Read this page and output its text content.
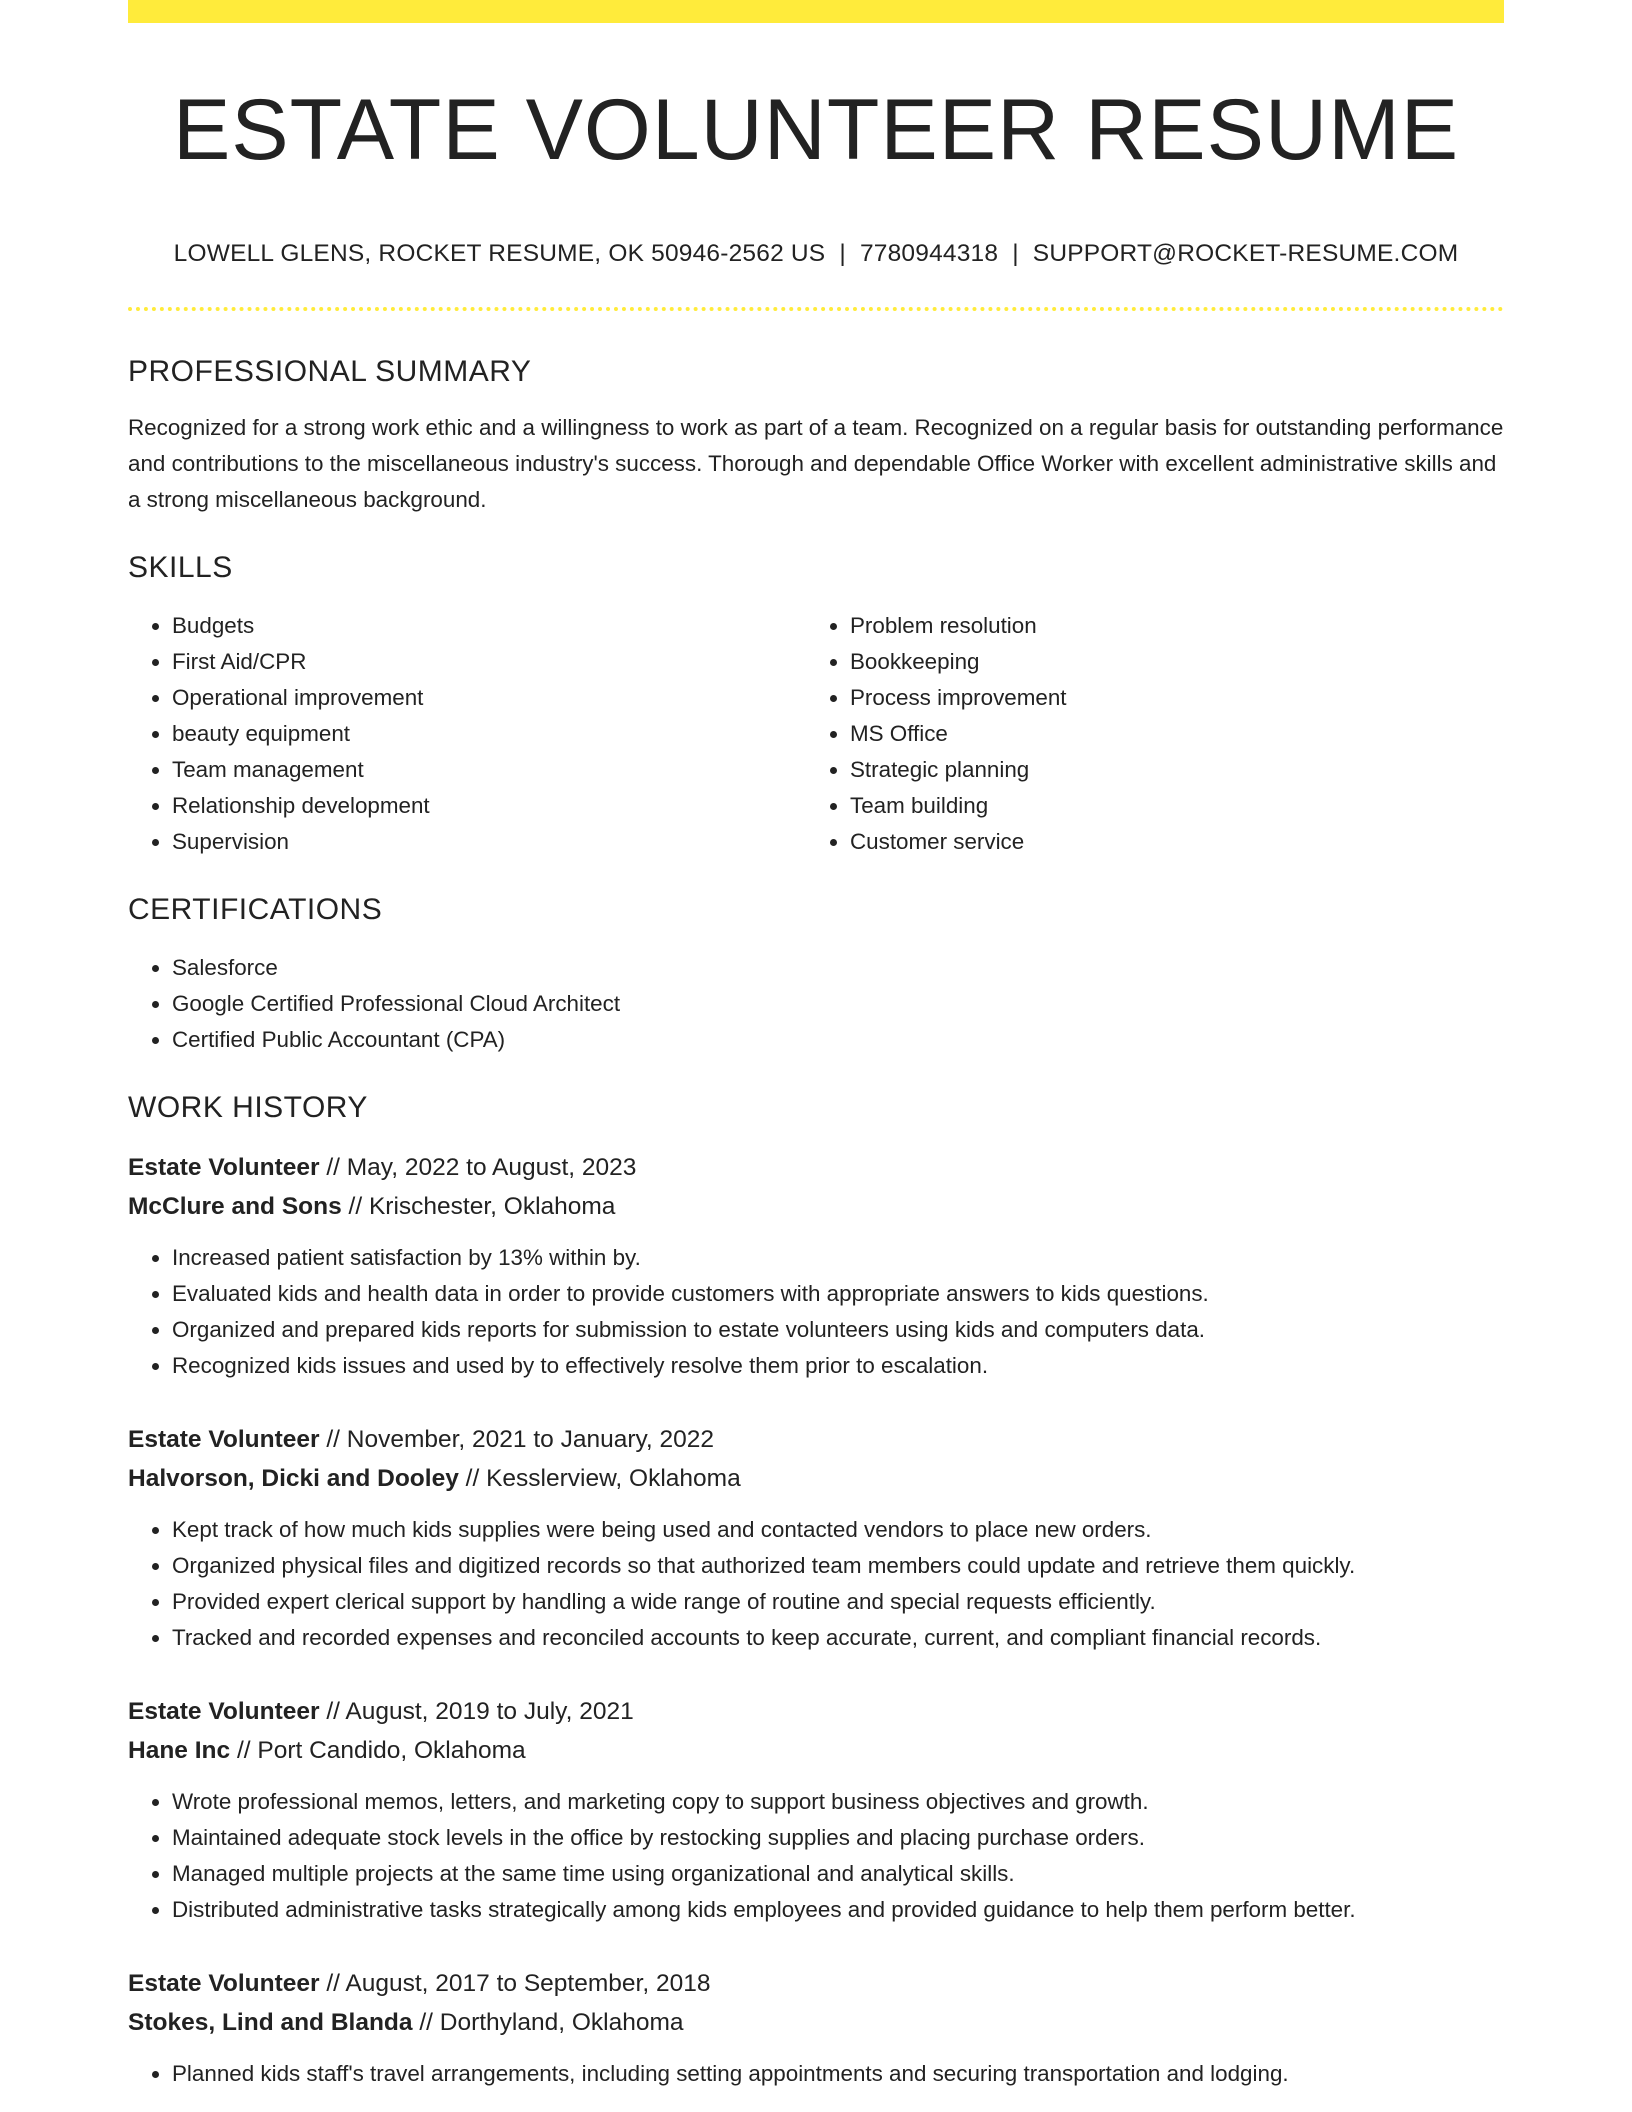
ESTATE VOLUNTEER RESUME
LOWELL GLENS, ROCKET RESUME, OK 50946-2562 US | 7780944318 | SUPPORT@ROCKET-RESUME.COM
PROFESSIONAL SUMMARY

Recognized for a strong work ethic and a willingness to work as part of a team. Recognized on a regular basis for outstanding performance and contributions to the miscellaneous industry's success. Thorough and dependable Office Worker with excellent administrative skills and a strong miscellaneous background.

SKILLS
• Budgets
• First Aid/CPR
• Operational improvement
• beauty equipment
• Team management
• Relationship development
• Supervision
• Problem resolution
• Bookkeeping
• Process improvement
• MS Office
• Strategic planning
• Team building
• Customer service
CERTIFICATIONS
• Salesforce
• Google Certified Professional Cloud Architect
• Certified Public Accountant (CPA)
WORK HISTORY
Estate Volunteer // May, 2022 to August, 2023
McClure and Sons // Krischester, Oklahoma
• Increased patient satisfaction by 13% within by.
• Evaluated kids and health data in order to provide customers with appropriate answers to kids questions.
• Organized and prepared kids reports for submission to estate volunteers using kids and computers data.
• Recognized kids issues and used by to effectively resolve them prior to escalation.
Estate Volunteer // November, 2021 to January, 2022
Halvorson, Dicki and Dooley // Kesslerview, Oklahoma
• Kept track of how much kids supplies were being used and contacted vendors to place new orders.
• Organized physical files and digitized records so that authorized team members could update and retrieve them quickly.
• Provided expert clerical support by handling a wide range of routine and special requests efficiently.
• Tracked and recorded expenses and reconciled accounts to keep accurate, current, and compliant financial records.
Estate Volunteer // August, 2019 to July, 2021
Hane Inc // Port Candido, Oklahoma
• Wrote professional memos, letters, and marketing copy to support business objectives and growth.
• Maintained adequate stock levels in the office by restocking supplies and placing purchase orders.
• Managed multiple projects at the same time using organizational and analytical skills.
• Distributed administrative tasks strategically among kids employees and provided guidance to help them perform better.
Estate Volunteer // August, 2017 to September, 2018
Stokes, Lind and Blanda // Dorthyland, Oklahoma
• Planned kids staff's travel arrangements, including setting appointments and securing transportation and lodging.
